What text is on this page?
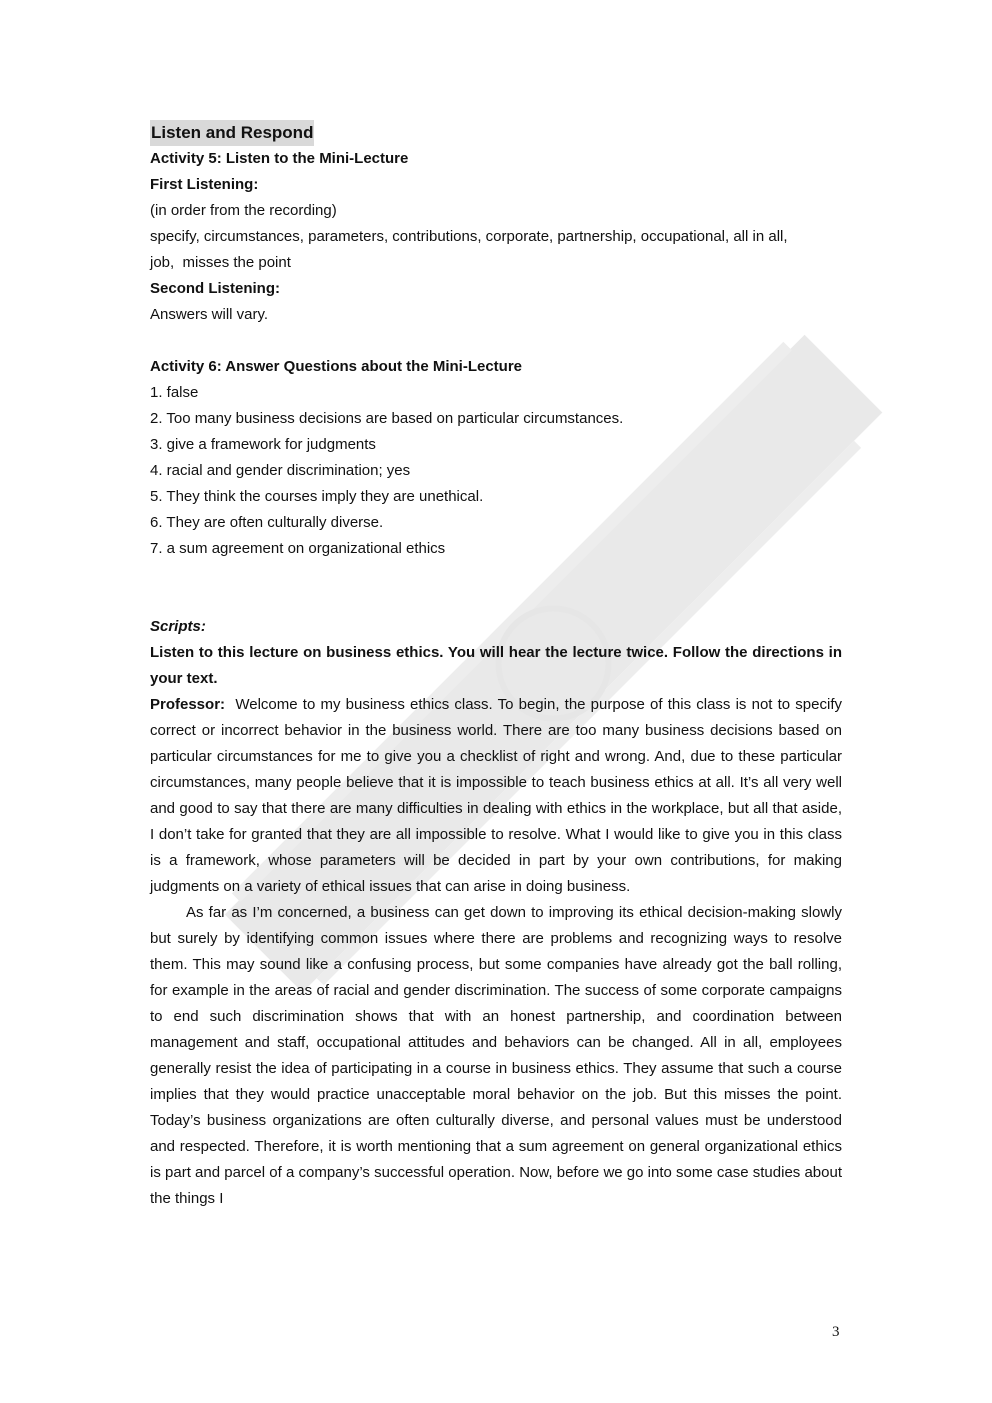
Listen and Respond
Activity 5: Listen to the Mini-Lecture
First Listening:
(in order from the recording)
specify, circumstances, parameters, contributions, corporate, partnership, occupational, all in all,
job,  misses the point
Second Listening:
Answers will vary.
Activity 6: Answer Questions about the Mini-Lecture
1. false
2. Too many business decisions are based on particular circumstances.
3. give a framework for judgments
4. racial and gender discrimination; yes
5. They think the courses imply they are unethical.
6. They are often culturally diverse.
7. a sum agreement on organizational ethics
Scripts:
Listen to this lecture on business ethics. You will hear the lecture twice. Follow the directions in your text.
Professor: Welcome to my business ethics class. To begin, the purpose of this class is not to specify correct or incorrect behavior in the business world. There are too many business decisions based on particular circumstances for me to give you a checklist of right and wrong. And, due to these particular circumstances, many people believe that it is impossible to teach business ethics at all. It’s all very well and good to say that there are many difficulties in dealing with ethics in the workplace, but all that aside, I don’t take for granted that they are all impossible to resolve. What I would like to give you in this class is a framework, whose parameters will be decided in part by your own contributions, for making judgments on a variety of ethical issues that can arise in doing business.
As far as I’m concerned, a business can get down to improving its ethical decision-making slowly but surely by identifying common issues where there are problems and recognizing ways to resolve them. This may sound like a confusing process, but some companies have already got the ball rolling, for example in the areas of racial and gender discrimination. The success of some corporate campaigns to end such discrimination shows that with an honest partnership, and coordination between management and staff, occupational attitudes and behaviors can be changed. All in all, employees generally resist the idea of participating in a course in business ethics. They assume that such a course implies that they would practice unacceptable moral behavior on the job. But this misses the point. Today’s business organizations are often culturally diverse, and personal values must be understood and respected. Therefore, it is worth mentioning that a sum agreement on general organizational ethics is part and parcel of a company’s successful operation. Now, before we go into some case studies about the things I
3
